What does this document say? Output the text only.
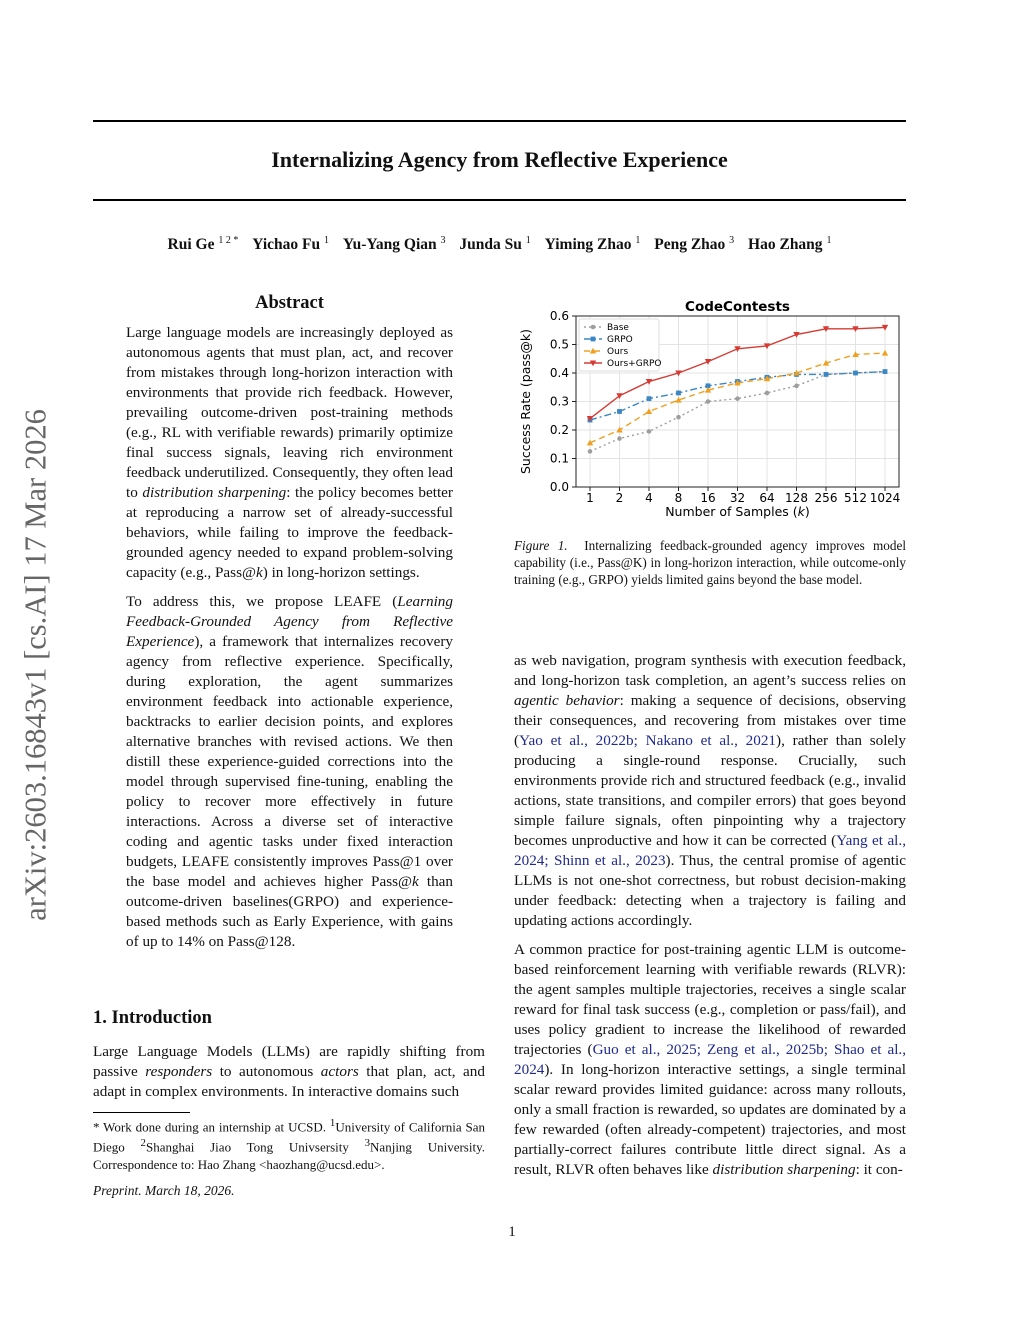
Internalizing Agency from Reflective Experience
Rui Ge $^{1 2 *}$ Yichao Fu $^1$ Yu-Yang Qian $^3$ Junda Su $^1$ Yiming Zhao $^1$ Peng Zhao $^3$ Hao Zhang $^1$
arXiv:2603.16843v1 [cs.AI] 17 Mar 2026
Abstract

Large language models are increasingly deployed as autonomous agents that must plan, act, and recover from mistakes through long-horizon interaction with environments that provide rich feedback. However, prevailing outcome-driven post-training methods (e.g., RL with verifiable rewards) primarily optimize final success signals, leaving rich environment feedback underutilized. Consequently, they often lead to distribution sharpening: the policy becomes better at reproducing a narrow set of already-successful behaviors, while failing to improve the feedback-grounded agency needed to expand problem-solving capacity (e.g., Pass@k) in long-horizon settings.

To address this, we propose LEAFE (Learning Feedback-Grounded Agency from Reflective Experience), a framework that internalizes recovery agency from reflective experience. Specifically, during exploration, the agent summarizes environment feedback into actionable experience, backtracks to earlier decision points, and explores alternative branches with revised actions. We then distill these experience-guided corrections into the model through supervised fine-tuning, enabling the policy to recover more effectively in future interactions. Across a diverse set of interactive coding and agentic tasks under fixed interaction budgets, LEAFE consistently improves Pass@1 over the base model and achieves higher Pass@k than outcome-driven baselines(GRPO) and experience-based methods such as Early Experience, with gains of up to 14% on Pass@128.

1. Introduction

Large Language Models (LLMs) are rapidly shifting from passive responders to autonomous actors that plan, act, and adapt in complex environments. In interactive domains such

* Work done during an internship at UCSD. $^1$University of California San Diego $^2$Shanghai Jiao Tong Univsersity $^3$Nanjing University. Correspondence to: Hao Zhang <haozhang@ucsd.edu>.
Preprint. March 18, 2026.
1
CodeContests
0.0
0.1
0.2
0.3
0.4
0.5
0.6
1 2 4 8 16 32 64 128 256 512 1024
Success Rate (pass@k)
Number of Samples (k)
Base
GRPO
Ours
Ours+GRPO
Figure 1. Internalizing feedback-grounded agency improves model capability (i.e., Pass@K) in long-horizon interaction, while outcome-only training (e.g., GRPO) yields limited gains beyond the base model.

as web navigation, program synthesis with execution feedback, and long-horizon task completion, an agent’s success relies on agentic behavior: making a sequence of decisions, observing their consequences, and recovering from mistakes over time (Yao et al., 2022b; Nakano et al., 2021), rather than solely producing a single-round response. Crucially, such environments provide rich and structured feedback (e.g., invalid actions, state transitions, and compiler errors) that goes beyond simple failure signals, often pinpointing why a trajectory becomes unproductive and how it can be corrected (Yang et al., 2024; Shinn et al., 2023). Thus, the central promise of agentic LLMs is not one-shot correctness, but robust decision-making under feedback: detecting when a trajectory is failing and updating actions accordingly.

A common practice for post-training agentic LLM is outcome-based reinforcement learning with verifiable rewards (RLVR): the agent samples multiple trajectories, receives a single scalar reward for final task success (e.g., completion or pass/fail), and uses policy gradient to increase the likelihood of rewarded trajectories (Guo et al., 2025; Zeng et al., 2025b; Shao et al., 2024). In long-horizon interactive settings, a single terminal scalar reward provides limited guidance: across many rollouts, only a small fraction is rewarded, so updates are dominated by a few rewarded (often already-competent) trajectories, and most partially-correct failures contribute little direct signal. As a result, RLVR often behaves like distribution sharpening: it con-
